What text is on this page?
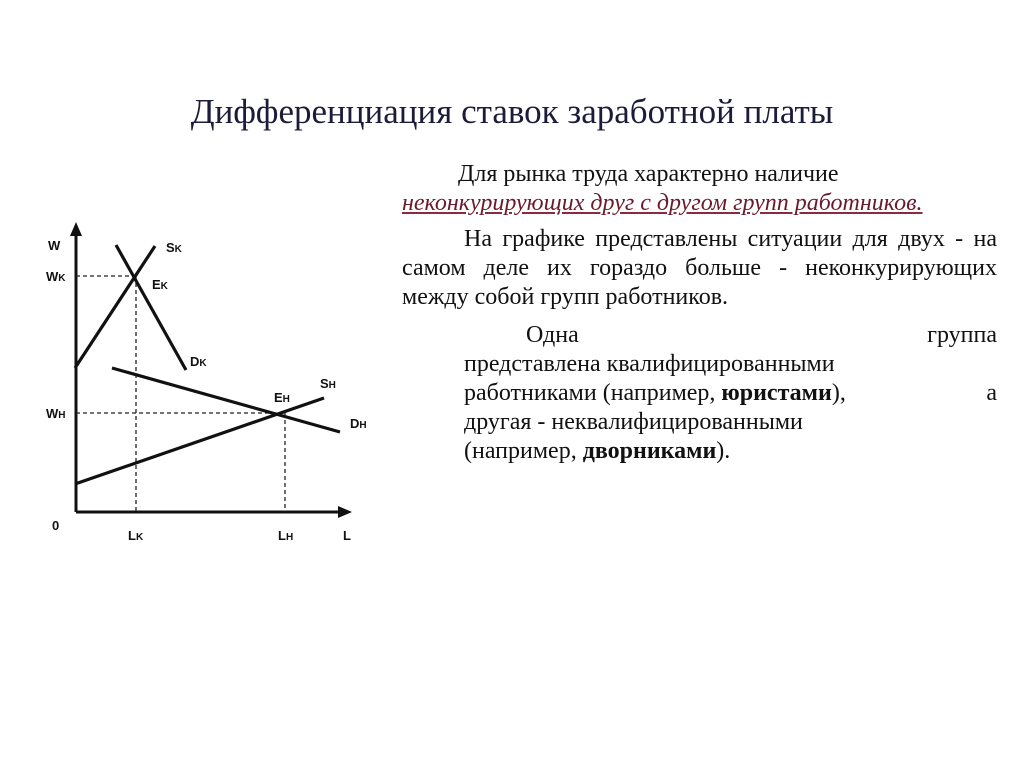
Дифференциация ставок заработной платы
W
L
0
WK
WH
LK	LH
SK
EK
DK
SH
EH
DH

Для рынка труда характерно наличие

неконкурирующих друг с другом групп работников.

На графике представлены ситуации для двух - на самом деле их гораздо больше - неконкурирующих между собой групп работников.

Одна	группа
представлена квалифицированными
работниками (например, юристами),	а
другая - неквалифицированными
(например, дворниками).
